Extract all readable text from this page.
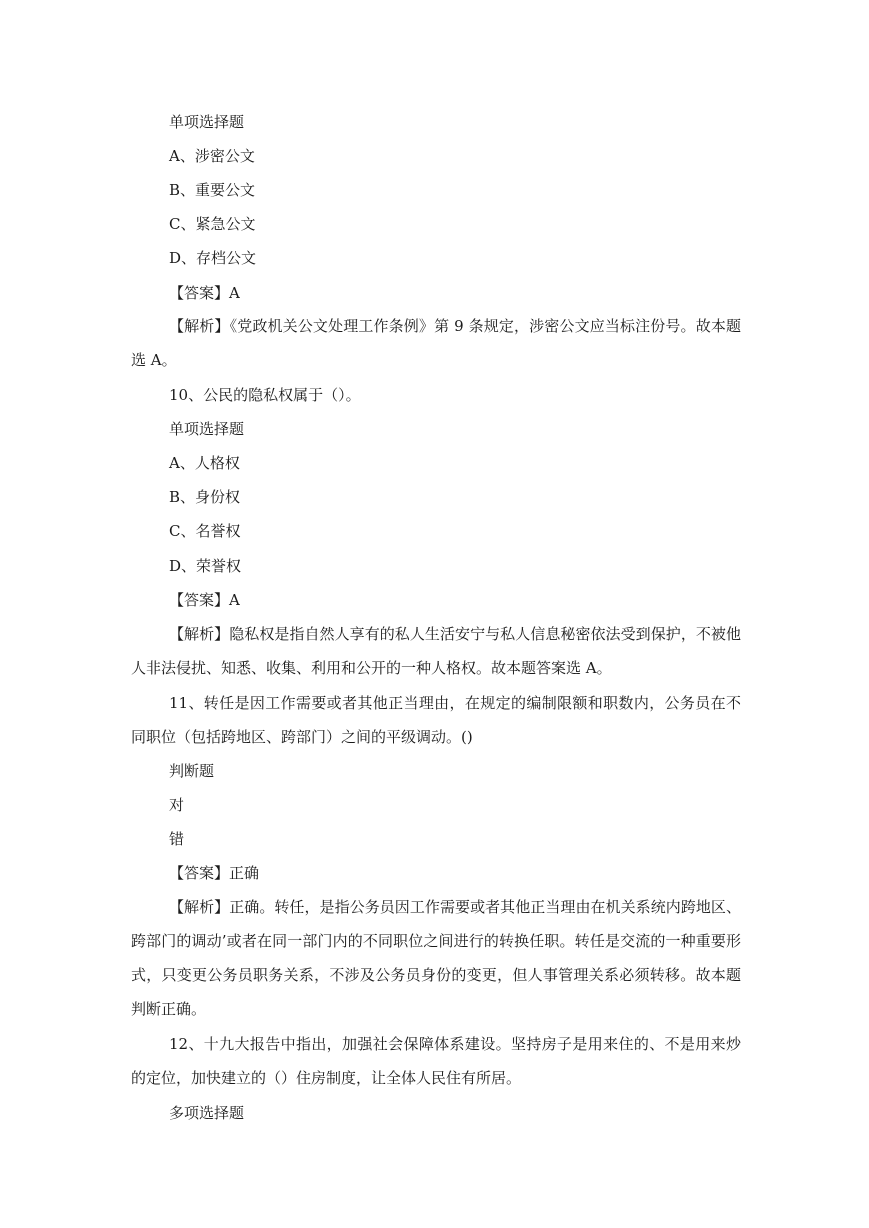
单项选择题
A、涉密公文
B、重要公文
C、紧急公文
D、存档公文
【答案】A
【解析】《党政机关公文处理工作条例》第 9 条规定，涉密公文应当标注份号。故本题选 A。
10、公民的隐私权属于（）。
单项选择题
A、人格权
B、身份权
C、名誉权
D、荣誉权
【答案】A
【解析】隐私权是指自然人享有的私人生活安宁与私人信息秘密依法受到保护，不被他人非法侵扰、知悉、收集、利用和公开的一种人格权。故本题答案选 A。
11、转任是因工作需要或者其他正当理由，在规定的编制限额和职数内，公务员在不同职位（包括跨地区、跨部门）之间的平级调动。()
判断题
对
错
【答案】正确
【解析】正确。转任，是指公务员因工作需要或者其他正当理由在机关系统内跨地区、跨部门的调动’或者在同一部门内的不同职位之间进行的转换任职。转任是交流的一种重要形式，只变更公务员职务关系，不涉及公务员身份的变更，但人事管理关系必须转移。故本题判断正确。
12、十九大报告中指出，加强社会保障体系建设。坚持房子是用来住的、不是用来炒的定位，加快建立的（）住房制度，让全体人民住有所居。
多项选择题
